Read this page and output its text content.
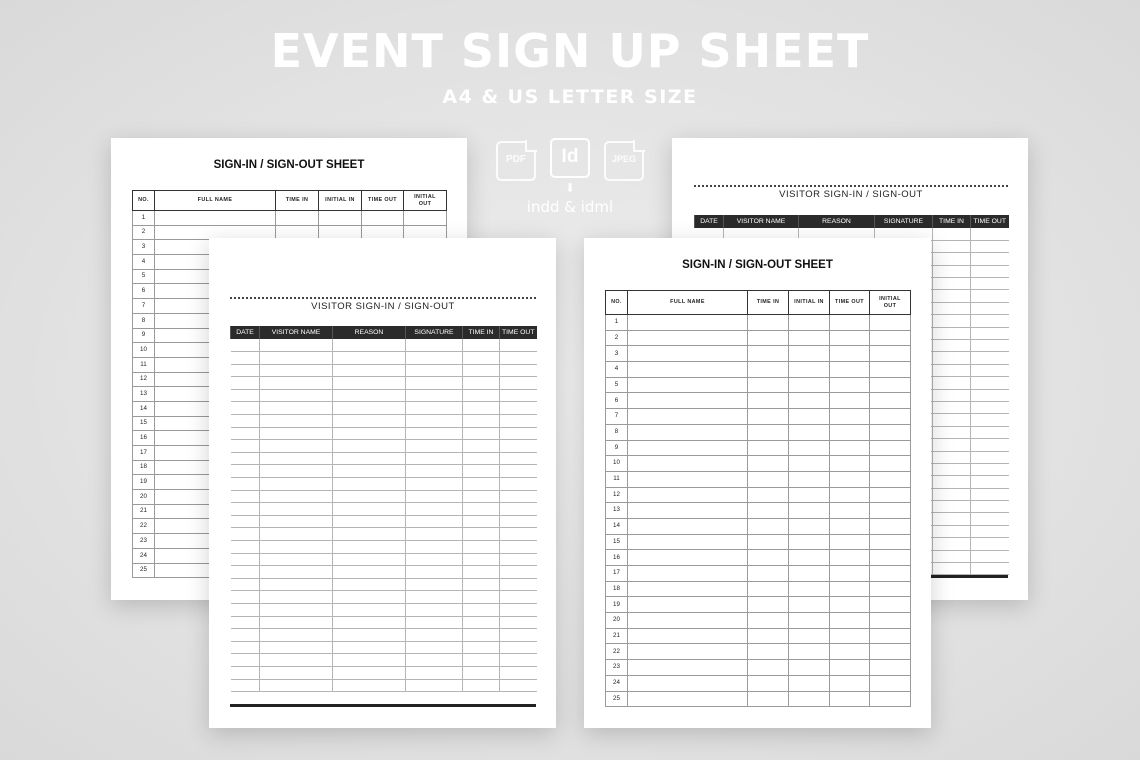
EVENT SIGN UP SHEET
A4 & US LETTER SIZE
SIGN-IN / SIGN-OUT SHEET
NO.	FULL NAME	TIME IN	INITIAL IN	TIME OUT	INITIAL OUT
1					
2					
3					
4					
5					
6					
7					
8					
9					
10					
11					
12					
13					
14					
15					
16					
17					
18					
19					
20					
21					
22					
23					
24					
25					
VISITOR SIGN-IN / SIGN-OUT
DATE	VISITOR NAME	REASON	SIGNATURE	TIME IN	TIME OUT

PDF	Id
⬇
JPEG
indd & idml
VISITOR SIGN-IN / SIGN-OUT
DATE	VISITOR NAME	REASON	SIGNATURE	TIME IN	TIME OUT

SIGN-IN / SIGN-OUT SHEET
NO.	FULL NAME	TIME IN	INITIAL IN	TIME OUT	INITIAL OUT
1					
2					
3					
4					
5					
6					
7					
8					
9					
10					
11					
12					
13					
14					
15					
16					
17					
18					
19					
20					
21					
22					
23					
24					
25					
